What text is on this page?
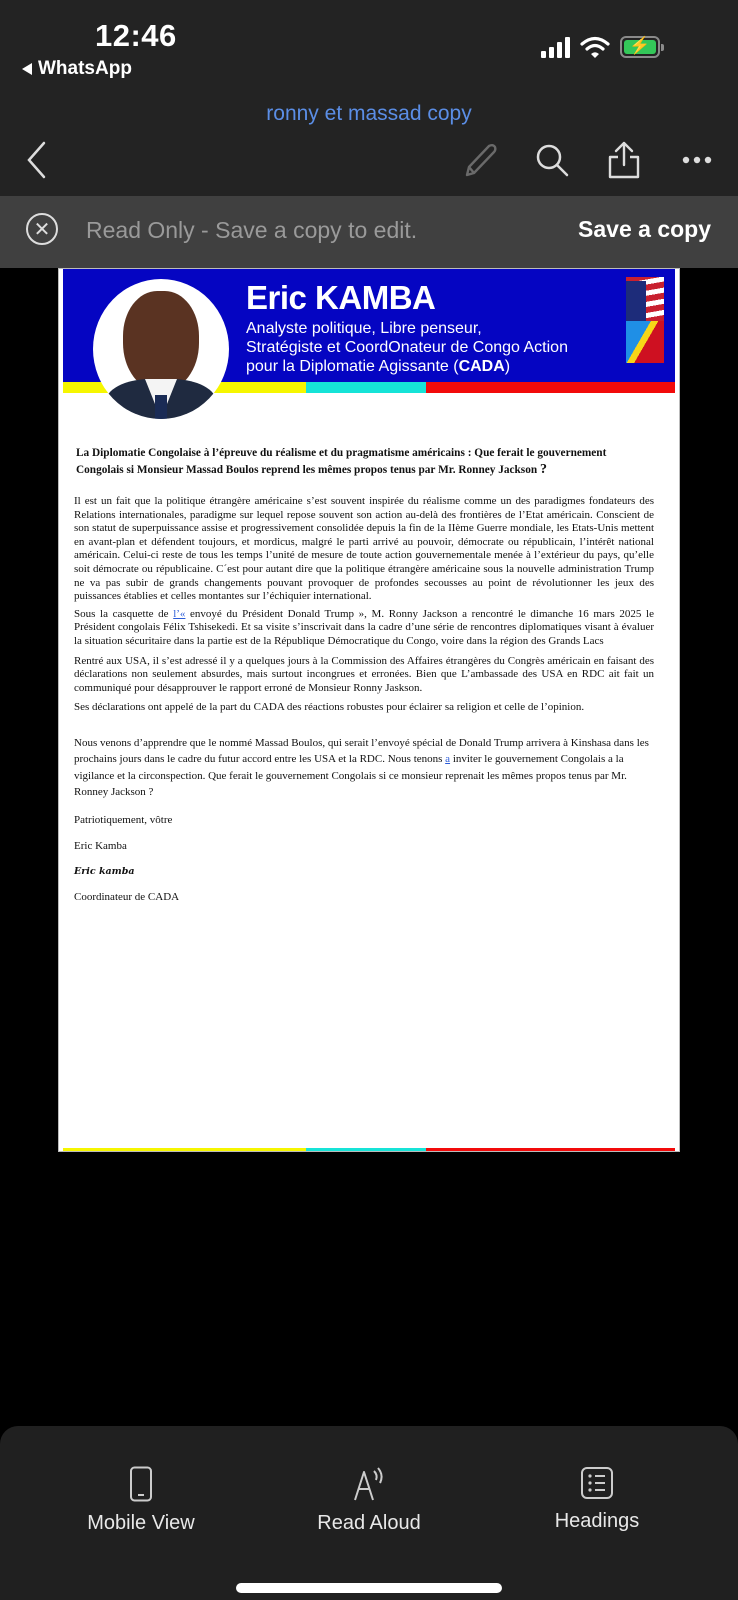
12:46
WhatsApp
⚡
ronny et massad copy
✕ Read Only - Save a copy to edit.	Save a copy
Eric KAMBA
Analyste politique, Libre penseur,
Stratégiste et CoordOnateur de Congo Action
pour la Diplomatie Agissante (CADA)
La Diplomatie Congolaise à l’épreuve du réalisme et du pragmatisme américains : Que ferait le gouvernement Congolais si Monsieur Massad Boulos reprend les mêmes propos tenus par Mr. Ronney Jackson ?

Il est un fait que la politique étrangère américaine s’est souvent inspirée du réalisme comme un des paradigmes fondateurs des Relations internationales, paradigme sur lequel repose souvent son action au-delà des frontières de l’Etat américain. Conscient de son statut de superpuissance assise et progressivement consolidée depuis la fin de la IIème Guerre mondiale, les Etats-Unis mettent en avant-plan et défendent toujours, et mordicus, malgré le parti arrivé au pouvoir, démocrate ou républicain, l’intérêt national américain. Celui-ci reste de tous les temps l’unité de mesure de toute action gouvernementale menée à l’extérieur du pays, qu’elle soit démocrate ou républicaine. C´est pour autant dire que la politique étrangère américaine sous la nouvelle administration Trump ne va pas subir de grands changements pouvant provoquer de profondes secousses au point de révolutionner les jeux des puissances établies et celles montantes sur l’échiquier international.

Sous la casquette de l’« envoyé du Président Donald Trump », M. Ronny Jackson a rencontré le dimanche 16 mars 2025 le Président congolais Félix Tshisekedi. Et sa visite s’inscrivait dans la cadre d’une série de rencontres diplomatiques visant à évaluer la situation sécuritaire dans la partie est de la République Démocratique du Congo, voire dans la région des Grands Lacs

Rentré aux USA, il s’est adressé il y a quelques jours à la Commission des Affaires étrangères du Congrès américain en faisant des déclarations non seulement absurdes, mais surtout incongrues et erronées. Bien que L’ambassade des USA en RDC ait fait un communiqué pour désapprouver le rapport erroné de Monsieur Ronny Jaskson.

Ses déclarations ont appelé de la part du CADA des réactions robustes pour éclairer sa religion et celle de l’opinion.

Nous venons d’apprendre que le nommé Massad Boulos, qui serait l’envoyé spécial de Donald Trump arrivera à Kinshasa dans les prochains jours dans le cadre du futur accord entre les USA et la RDC. Nous tenons a inviter le gouvernement Congolais a la vigilance et la circonspection. Que ferait le gouvernement Congolais si ce monsieur reprenait les mêmes propos tenus par Mr. Ronney Jackson ?

Patriotiquement, vôtre

Eric Kamba

Eric kamba

Coordinateur de CADA

Mobile View	Read Aloud	Headings
